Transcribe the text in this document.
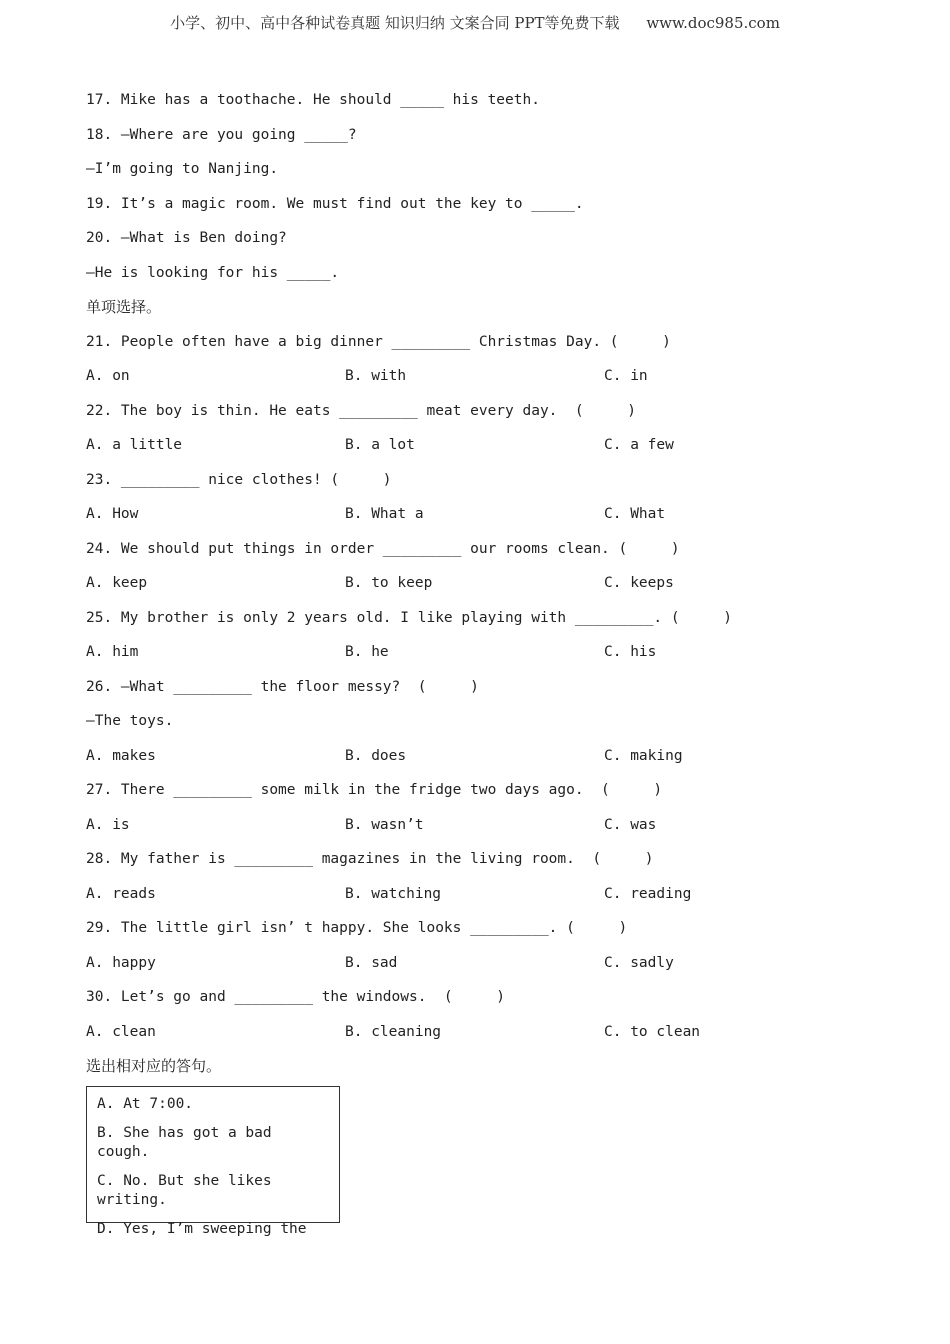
小学、初中、高中各种试卷真题 知识归纳 文案合同 PPT等免费下载 www.doc985.com
17. Mike has a toothache. He should _____ his teeth.
18. —Where are you going _____?
—I’m going to Nanjing.
19. It’s a magic room. We must find out the key to _____.
20. —What is Ben doing?
—He is looking for his _____.
单项选择。
21. People often have a big dinner _________ Christmas Day. (     )
A. on	B. with	C. in
22. The boy is thin. He eats _________ meat every day.  (     )
A. a little	B. a lot	C. a few
23. _________ nice clothes! (     )
A. How	B. What a	C. What
24. We should put things in order _________ our rooms clean. (     )
A. keep	B. to keep	C. keeps
25. My brother is only 2 years old. I like playing with _________. (     )
A. him	B. he	C. his
26. —What _________ the floor messy?  (     )
—The toys.
A. makes	B. does	C. making
27. There _________ some milk in the fridge two days ago.  (     )
A. is	B. wasn’t	C. was
28. My father is _________ magazines in the living room.  (     )
A. reads	B. watching	C. reading
29. The little girl isn’ t happy. She looks _________. (     )
A. happy	B. sad	C. sadly
30. Let’s go and _________ the windows.  (     )
A. clean	B. cleaning	C. to clean
选出相对应的答句。
A. At 7:00.
B. She has got a bad cough.
C. No. But she likes writing.
D. Yes, I’m sweeping the
